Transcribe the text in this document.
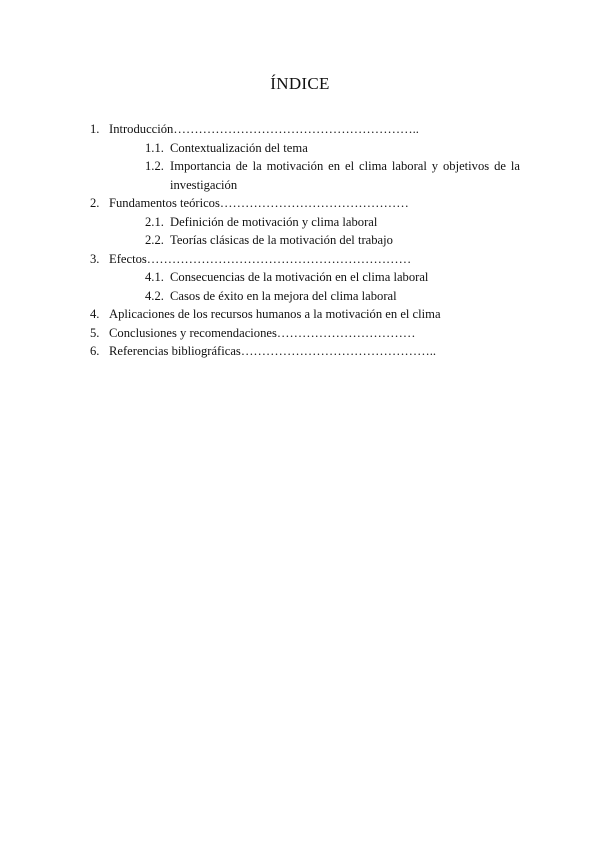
ÍNDICE
1. Introducción …………………………………………………..
1.1. Contextualización del tema
1.2. Importancia de la motivación en el clima laboral y objetivos de la investigación
2. Fundamentos teóricos ………………………………………
2.1. Definición de motivación y clima laboral
2.2. Teorías clásicas de la motivación del trabajo
3. Efectos ………………………………………………………
4.1. Consecuencias de la motivación en el clima laboral
4.2. Casos de éxito en la mejora del clima laboral
4. Aplicaciones de los recursos humanos a la motivación en el clima
5. Conclusiones y recomendaciones ……………………………
6. Referencias bibliográficas ………………………………………..
